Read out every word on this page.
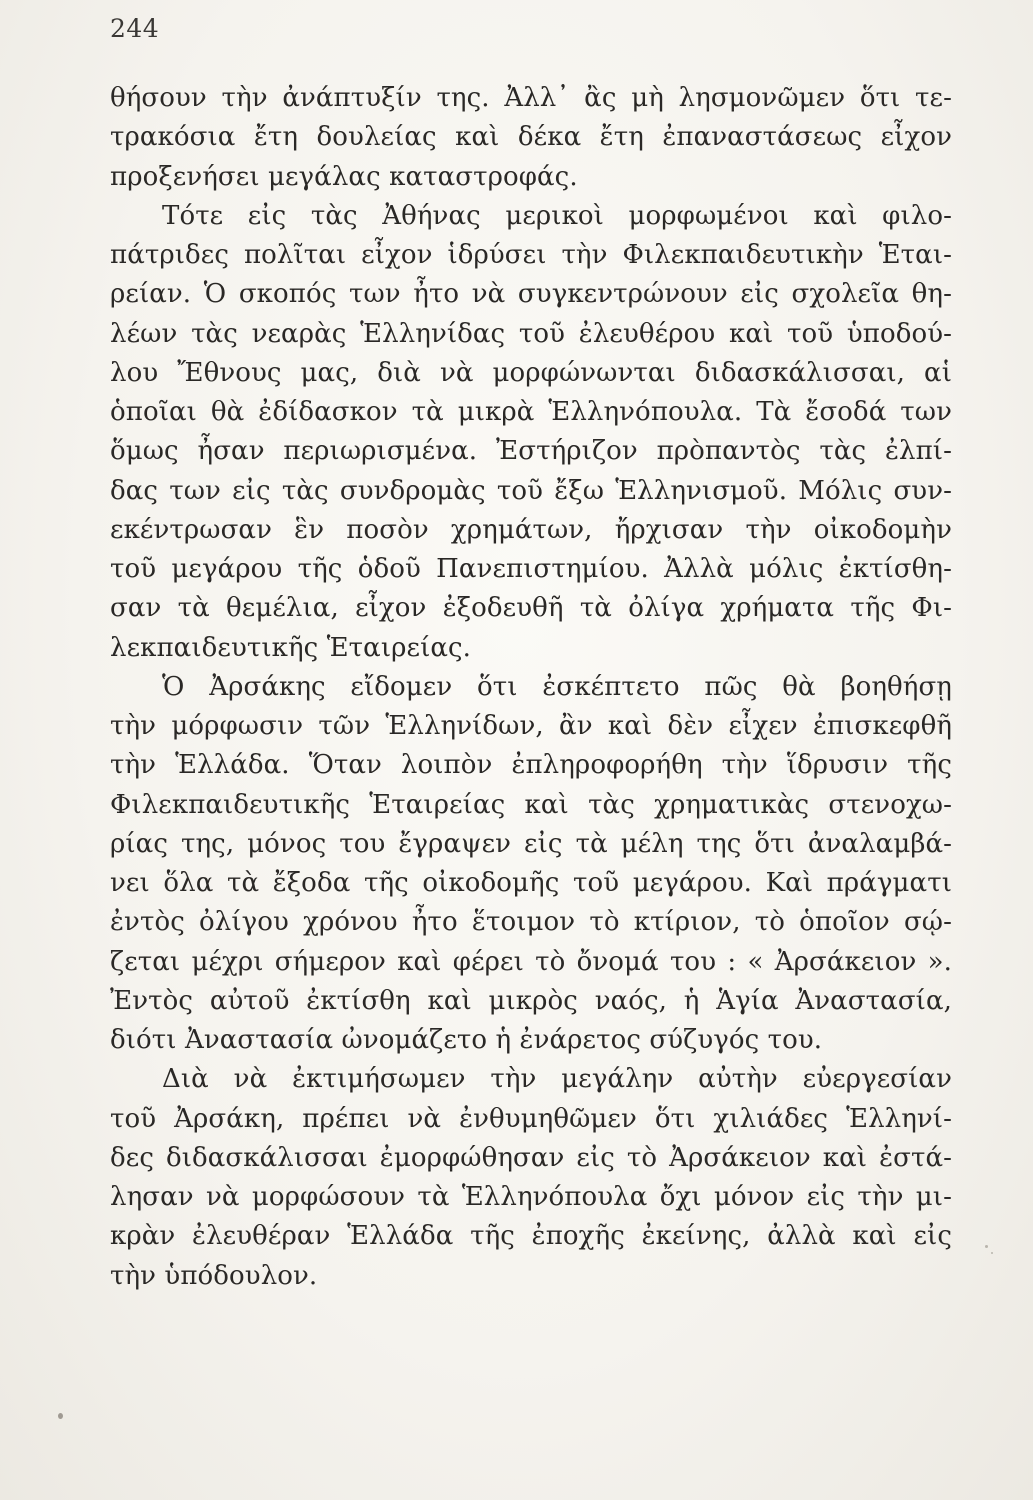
244
θήσουν τὴν ἀνάπτυξίν της. Ἀλλ᾽ ἂς μὴ λησμονῶμεν ὅτι τε-
τρακόσια ἔτη δουλείας καὶ δέκα ἔτη ἐπαναστάσεως εἶχον
προξενήσει μεγάλας καταστροφάς.
Τότε εἰς τὰς Ἀθήνας μερικοὶ μορφωμένοι καὶ φιλο-
πάτριδες πολῖται εἶχον ἱδρύσει τὴν Φιλεκπαιδευτικὴν Ἑται-
ρείαν. Ὁ σκοπός των ἦτο νὰ συγκεντρώνουν εἰς σχολεῖα θη-
λέων τὰς νεαρὰς Ἑλληνίδας τοῦ ἐλευθέρου καὶ τοῦ ὑποδού-
λου Ἔθνους μας, διὰ νὰ μορφώνωνται διδασκάλισσαι, αἱ
ὁποῖαι θὰ ἐδίδασκον τὰ μικρὰ Ἑλληνόπουλα. Τὰ ἔσοδά των
ὅμως ἦσαν περιωρισμένα. Ἐστήριζον πρὸπαντὸς τὰς ἐλπί-
δας των εἰς τὰς συνδρομὰς τοῦ ἔξω Ἑλληνισμοῦ. Μόλις συν-
εκέντρωσαν ἓν ποσὸν χρημάτων, ἤρχισαν τὴν οἰκοδομὴν
τοῦ μεγάρου τῆς ὁδοῦ Πανεπιστημίου. Ἀλλὰ μόλις ἐκτίσθη-
σαν τὰ θεμέλια, εἶχον ἐξοδευθῆ τὰ ὀλίγα χρήματα τῆς Φι-
λεκπαιδευτικῆς Ἑταιρείας.
Ὁ Ἀρσάκης εἴδομεν ὅτι ἐσκέπτετο πῶς θὰ βοηθήσῃ
τὴν μόρφωσιν τῶν Ἑλληνίδων, ἂν καὶ δὲν εἶχεν ἐπισκεφθῆ
τὴν Ἑλλάδα. Ὅταν λοιπὸν ἐπληροφορήθη τὴν ἵδρυσιν τῆς
Φιλεκπαιδευτικῆς Ἑταιρείας καὶ τὰς χρηματικὰς στενοχω-
ρίας της, μόνος του ἔγραψεν εἰς τὰ μέλη της ὅτι ἀναλαμβά-
νει ὅλα τὰ ἔξοδα τῆς οἰκοδομῆς τοῦ μεγάρου. Καὶ πράγματι
ἐντὸς ὀλίγου χρόνου ἦτο ἕτοιμον τὸ κτίριον, τὸ ὁποῖον σῴ-
ζεται μέχρι σήμερον καὶ φέρει τὸ ὄνομά του : « Ἀρσάκειον ».
Ἐντὸς αὐτοῦ ἐκτίσθη καὶ μικρὸς ναός, ἡ Ἁγία Ἀναστασία,
διότι Ἀναστασία ὠνομάζετο ἡ ἐνάρετος σύζυγός του.
Διὰ νὰ ἐκτιμήσωμεν τὴν μεγάλην αὐτὴν εὐεργεσίαν
τοῦ Ἀρσάκη, πρέπει νὰ ἐνθυμηθῶμεν ὅτι χιλιάδες Ἑλληνί-
δες διδασκάλισσαι ἐμορφώθησαν εἰς τὸ Ἀρσάκειον καὶ ἐστά-
λησαν νὰ μορφώσουν τὰ Ἑλληνόπουλα ὄχι μόνον εἰς τὴν μι-
κρὰν ἐλευθέραν Ἑλλάδα τῆς ἐποχῆς ἐκείνης, ἀλλὰ καὶ εἰς
τὴν ὑπόδουλον.
